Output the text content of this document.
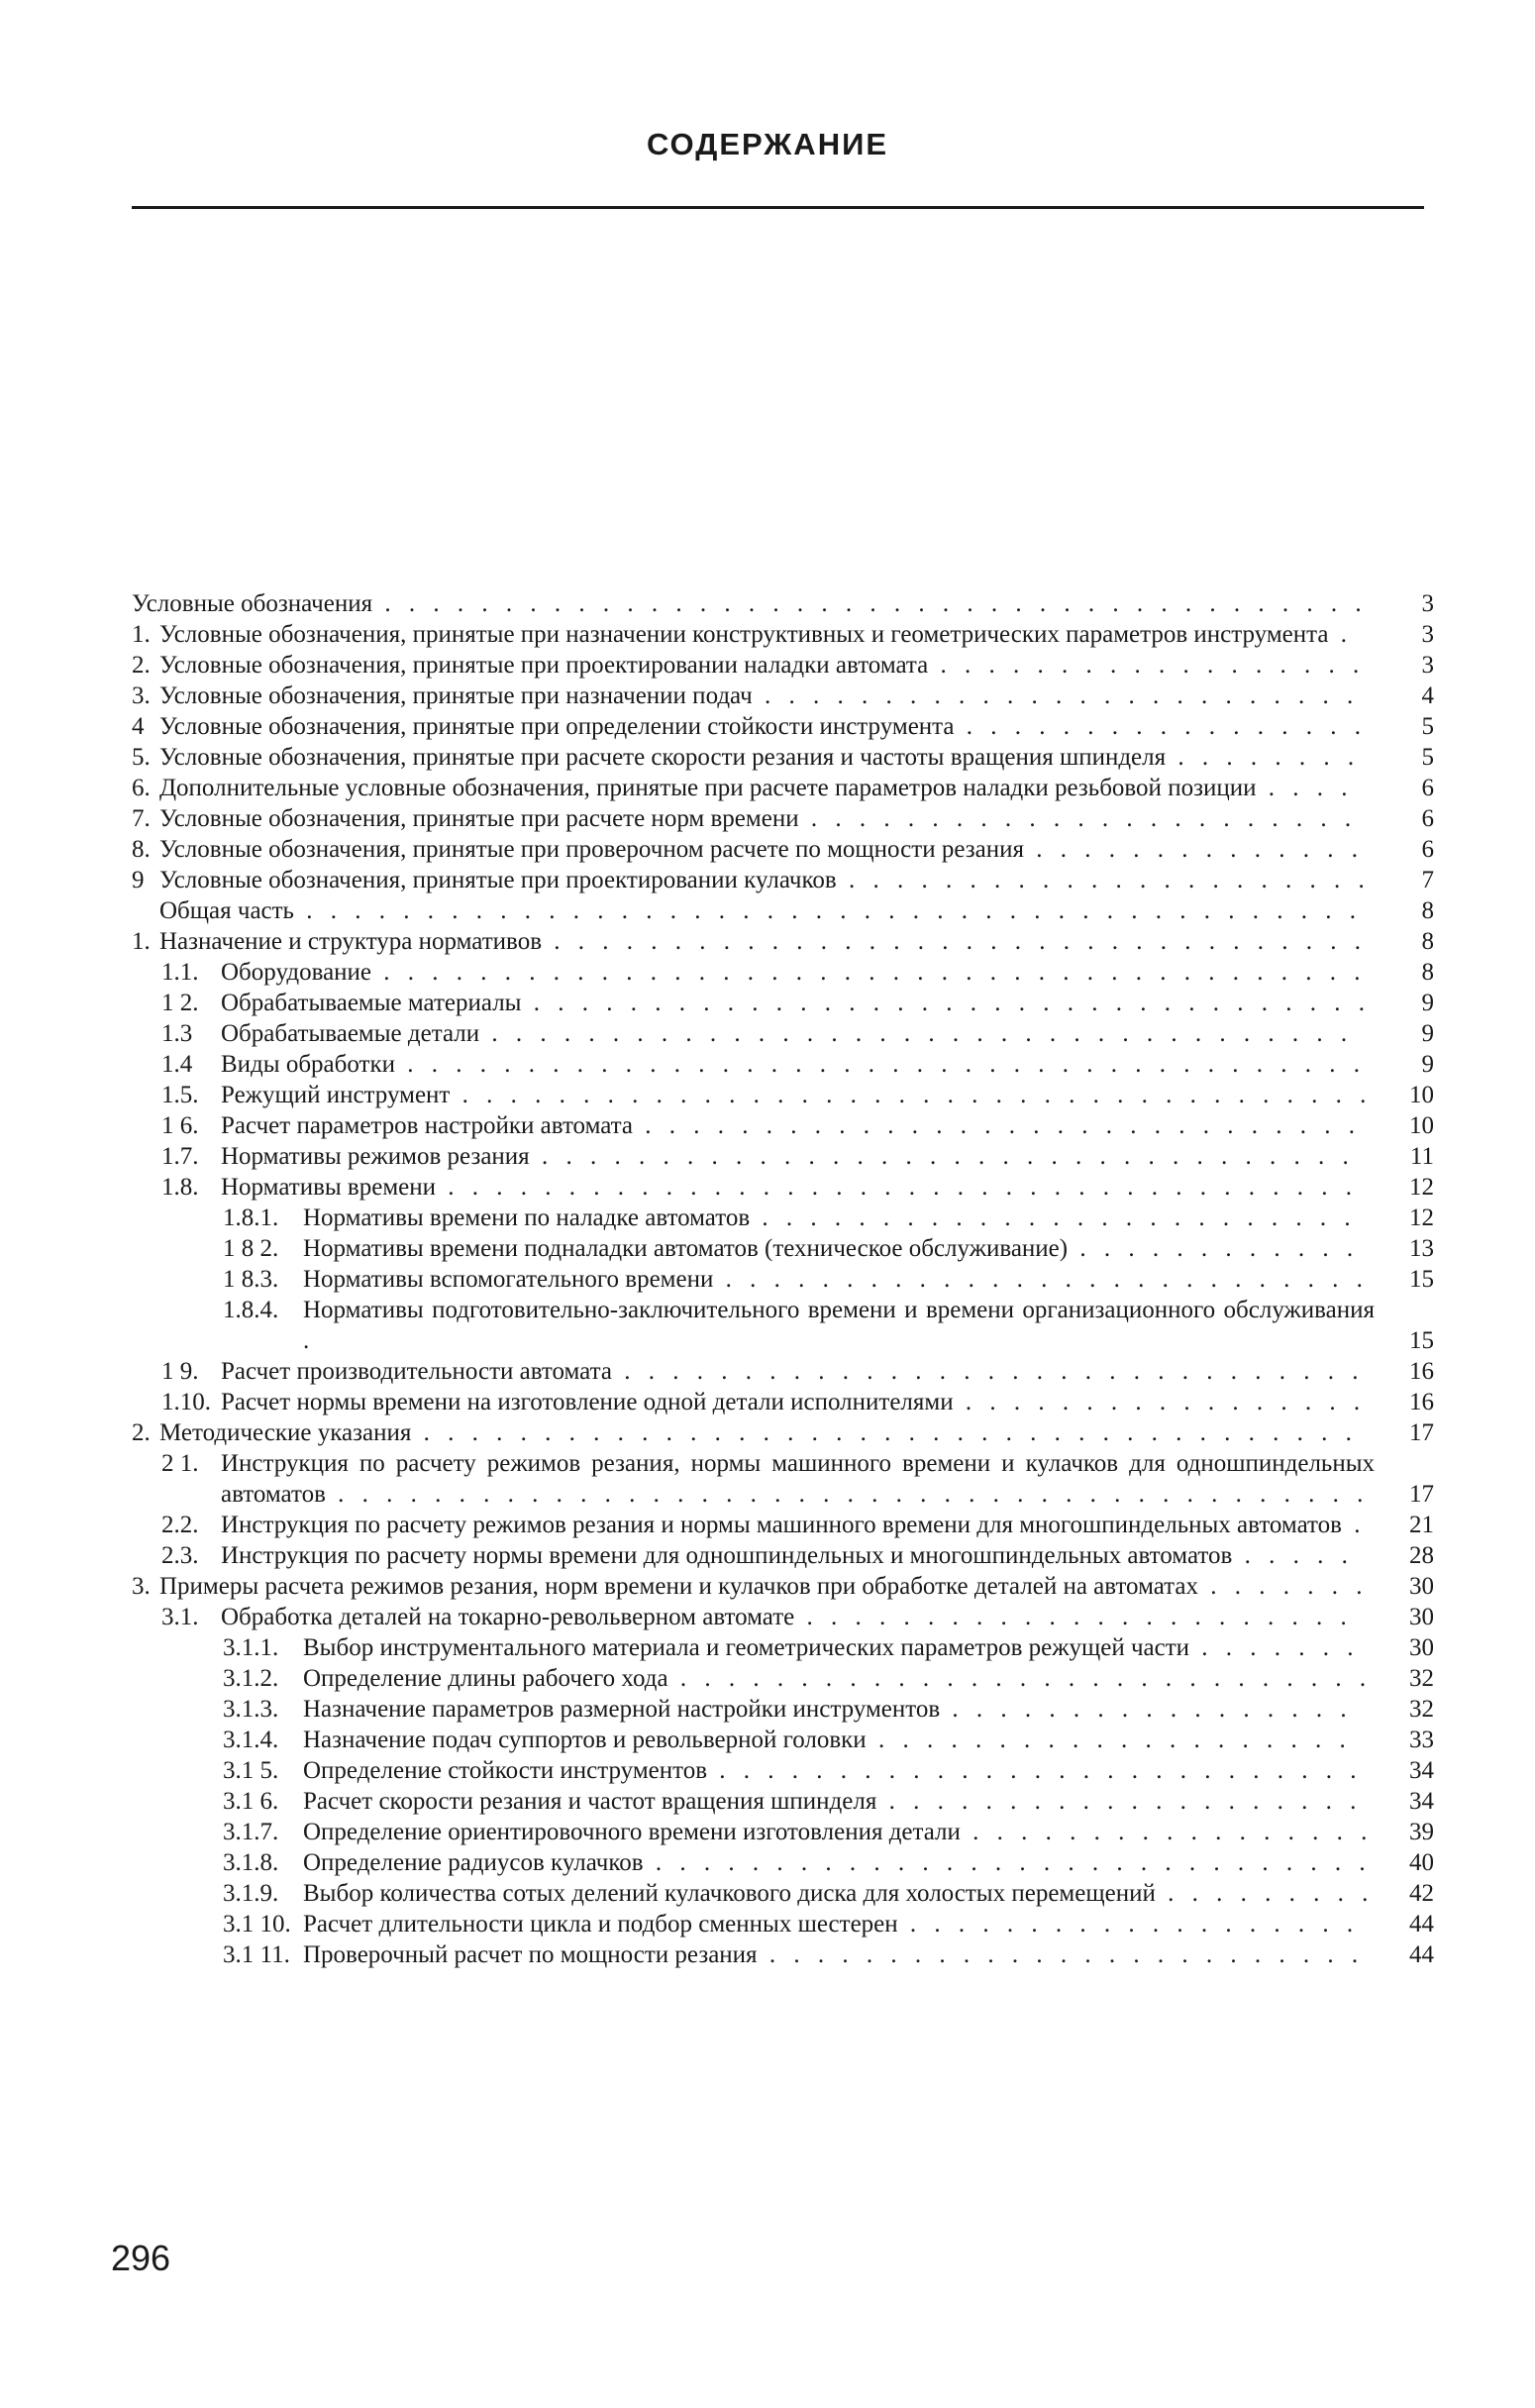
СОДЕРЖАНИЕ
Условные обозначения . . . . . . . . . . . . . . . . . . . . . . . . . . . . . . . . . . . . . . . . .	3
1. Условные обозначения, принятые при назначении конструктивных и геометрических параметров инструмента .	3
2. Условные обозначения, принятые при проектировании наладки автомата . . . . . . . . . . . . . . . . . .	3
3. Условные обозначения, принятые при назначении подач . . . . . . . . . . . . . . . . . . . . . . . . .	4
4 Условные обозначения, принятые при определении стойкости инструмента . . . . . . . . . . . . . . . . .	5
5. Условные обозначения, принятые при расчете скорости резания и частоты вращения шпинделя . . . . . . . .	5
6. Дополнительные условные обозначения, принятые при расчете параметров наладки резьбовой позиции . . . .	6
7. Условные обозначения, принятые при расчете норм времени . . . . . . . . . . . . . . . . . . . . . . .	6
8. Условные обозначения, принятые при проверочном расчете по мощности резания . . . . . . . . . . . . . .	6
9 Условные обозначения, принятые при проектировании кулачков . . . . . . . . . . . . . . . . . . . . . .	7
Общая часть . . . . . . . . . . . . . . . . . . . . . . . . . . . . . . . . . . . . . . . . . . . .	8
1. Назначение и структура нормативов . . . . . . . . . . . . . . . . . . . . . . . . . . . . . . . . . .	8
1.1. Оборудование . . . . . . . . . . . . . . . . . . . . . . . . . . . . . . . . . . . . . . . . .	8
1 2. Обрабатываемые материалы . . . . . . . . . . . . . . . . . . . . . . . . . . . . . . . . . . .	9
1.3 Обрабатываемые детали . . . . . . . . . . . . . . . . . . . . . . . . . . . . . . . . . . . .	9
1.4 Виды обработки . . . . . . . . . . . . . . . . . . . . . . . . . . . . . . . . . . . . . . . .	9
1.5. Режущий инструмент . . . . . . . . . . . . . . . . . . . . . . . . . . . . . . . . . . . . . .	10
1 6. Расчет параметров настройки автомата . . . . . . . . . . . . . . . . . . . . . . . . . . . . . .	10
1.7. Нормативы режимов резания . . . . . . . . . . . . . . . . . . . . . . . . . . . . . . . . . .	11
1.8. Нормативы времени . . . . . . . . . . . . . . . . . . . . . . . . . . . . . . . . . . . . . .	12
1.8.1. Нормативы времени по наладке автоматов . . . . . . . . . . . . . . . . . . . . . . . . .	12
1 8 2. Нормативы времени подналадки автоматов (техническое обслуживание) . . . . . . . . . . . .	13
1 8.3. Нормативы вспомогательного времени . . . . . . . . . . . . . . . . . . . . . . . . . . .	15
1.8.4. Нормативы подготовительно-заключительного времени и времени организационного обслуживания .	15
1 9. Расчет производительности автомата . . . . . . . . . . . . . . . . . . . . . . . . . . . . . . .	16
1.10. Расчет нормы времени на изготовление одной детали исполнителями . . . . . . . . . . . . . . . . .	16
2. Методические указания . . . . . . . . . . . . . . . . . . . . . . . . . . . . . . . . . . . . . . .	17
2 1. Инструкция по расчету режимов резания, нормы машинного времени и кулачков для одношпиндельных автоматов . . . . . . . . . . . . . . . . . . . . . . . . . . . . . . . . . . . . . . . . . . .	17
2.2. Инструкция по расчету режимов резания и нормы машинного времени для многошпиндельных автоматов .	21
2.3. Инструкция по расчету нормы времени для одношпиндельных и многошпиндельных автоматов . . . . .	28
3. Примеры расчета режимов резания, норм времени и кулачков при обработке деталей на автоматах . . . . . . .	30
3.1. Обработка деталей на токарно-револьверном автомате . . . . . . . . . . . . . . . . . . . . . . .	30
3.1.1. Выбор инструментального материала и геометрических параметров режущей части . . . . . . .	30
3.1.2. Определение длины рабочего хода . . . . . . . . . . . . . . . . . . . . . . . . . . . . .	32
3.1.3. Назначение параметров размерной настройки инструментов . . . . . . . . . . . . . . . . .	32
3.1.4. Назначение подач суппортов и револьверной головки . . . . . . . . . . . . . . . . . . . .	33
3.1 5. Определение стойкости инструментов . . . . . . . . . . . . . . . . . . . . . . . . . . .	34
3.1 6. Расчет скорости резания и частот вращения шпинделя . . . . . . . . . . . . . . . . . . . .	34
3.1.7. Определение ориентировочного времени изготовления детали . . . . . . . . . . . . . . . . .	39
3.1.8. Определение радиусов кулачков . . . . . . . . . . . . . . . . . . . . . . . . . . . . . .	40
3.1.9. Выбор количества сотых делений кулачкового диска для холостых перемещений . . . . . . . . .	42
3.1 10. Расчет длительности цикла и подбор сменных шестерен . . . . . . . . . . . . . . . . . . .	44
3.1 11. Проверочный расчет по мощности резания . . . . . . . . . . . . . . . . . . . . . . . . .	44
296
